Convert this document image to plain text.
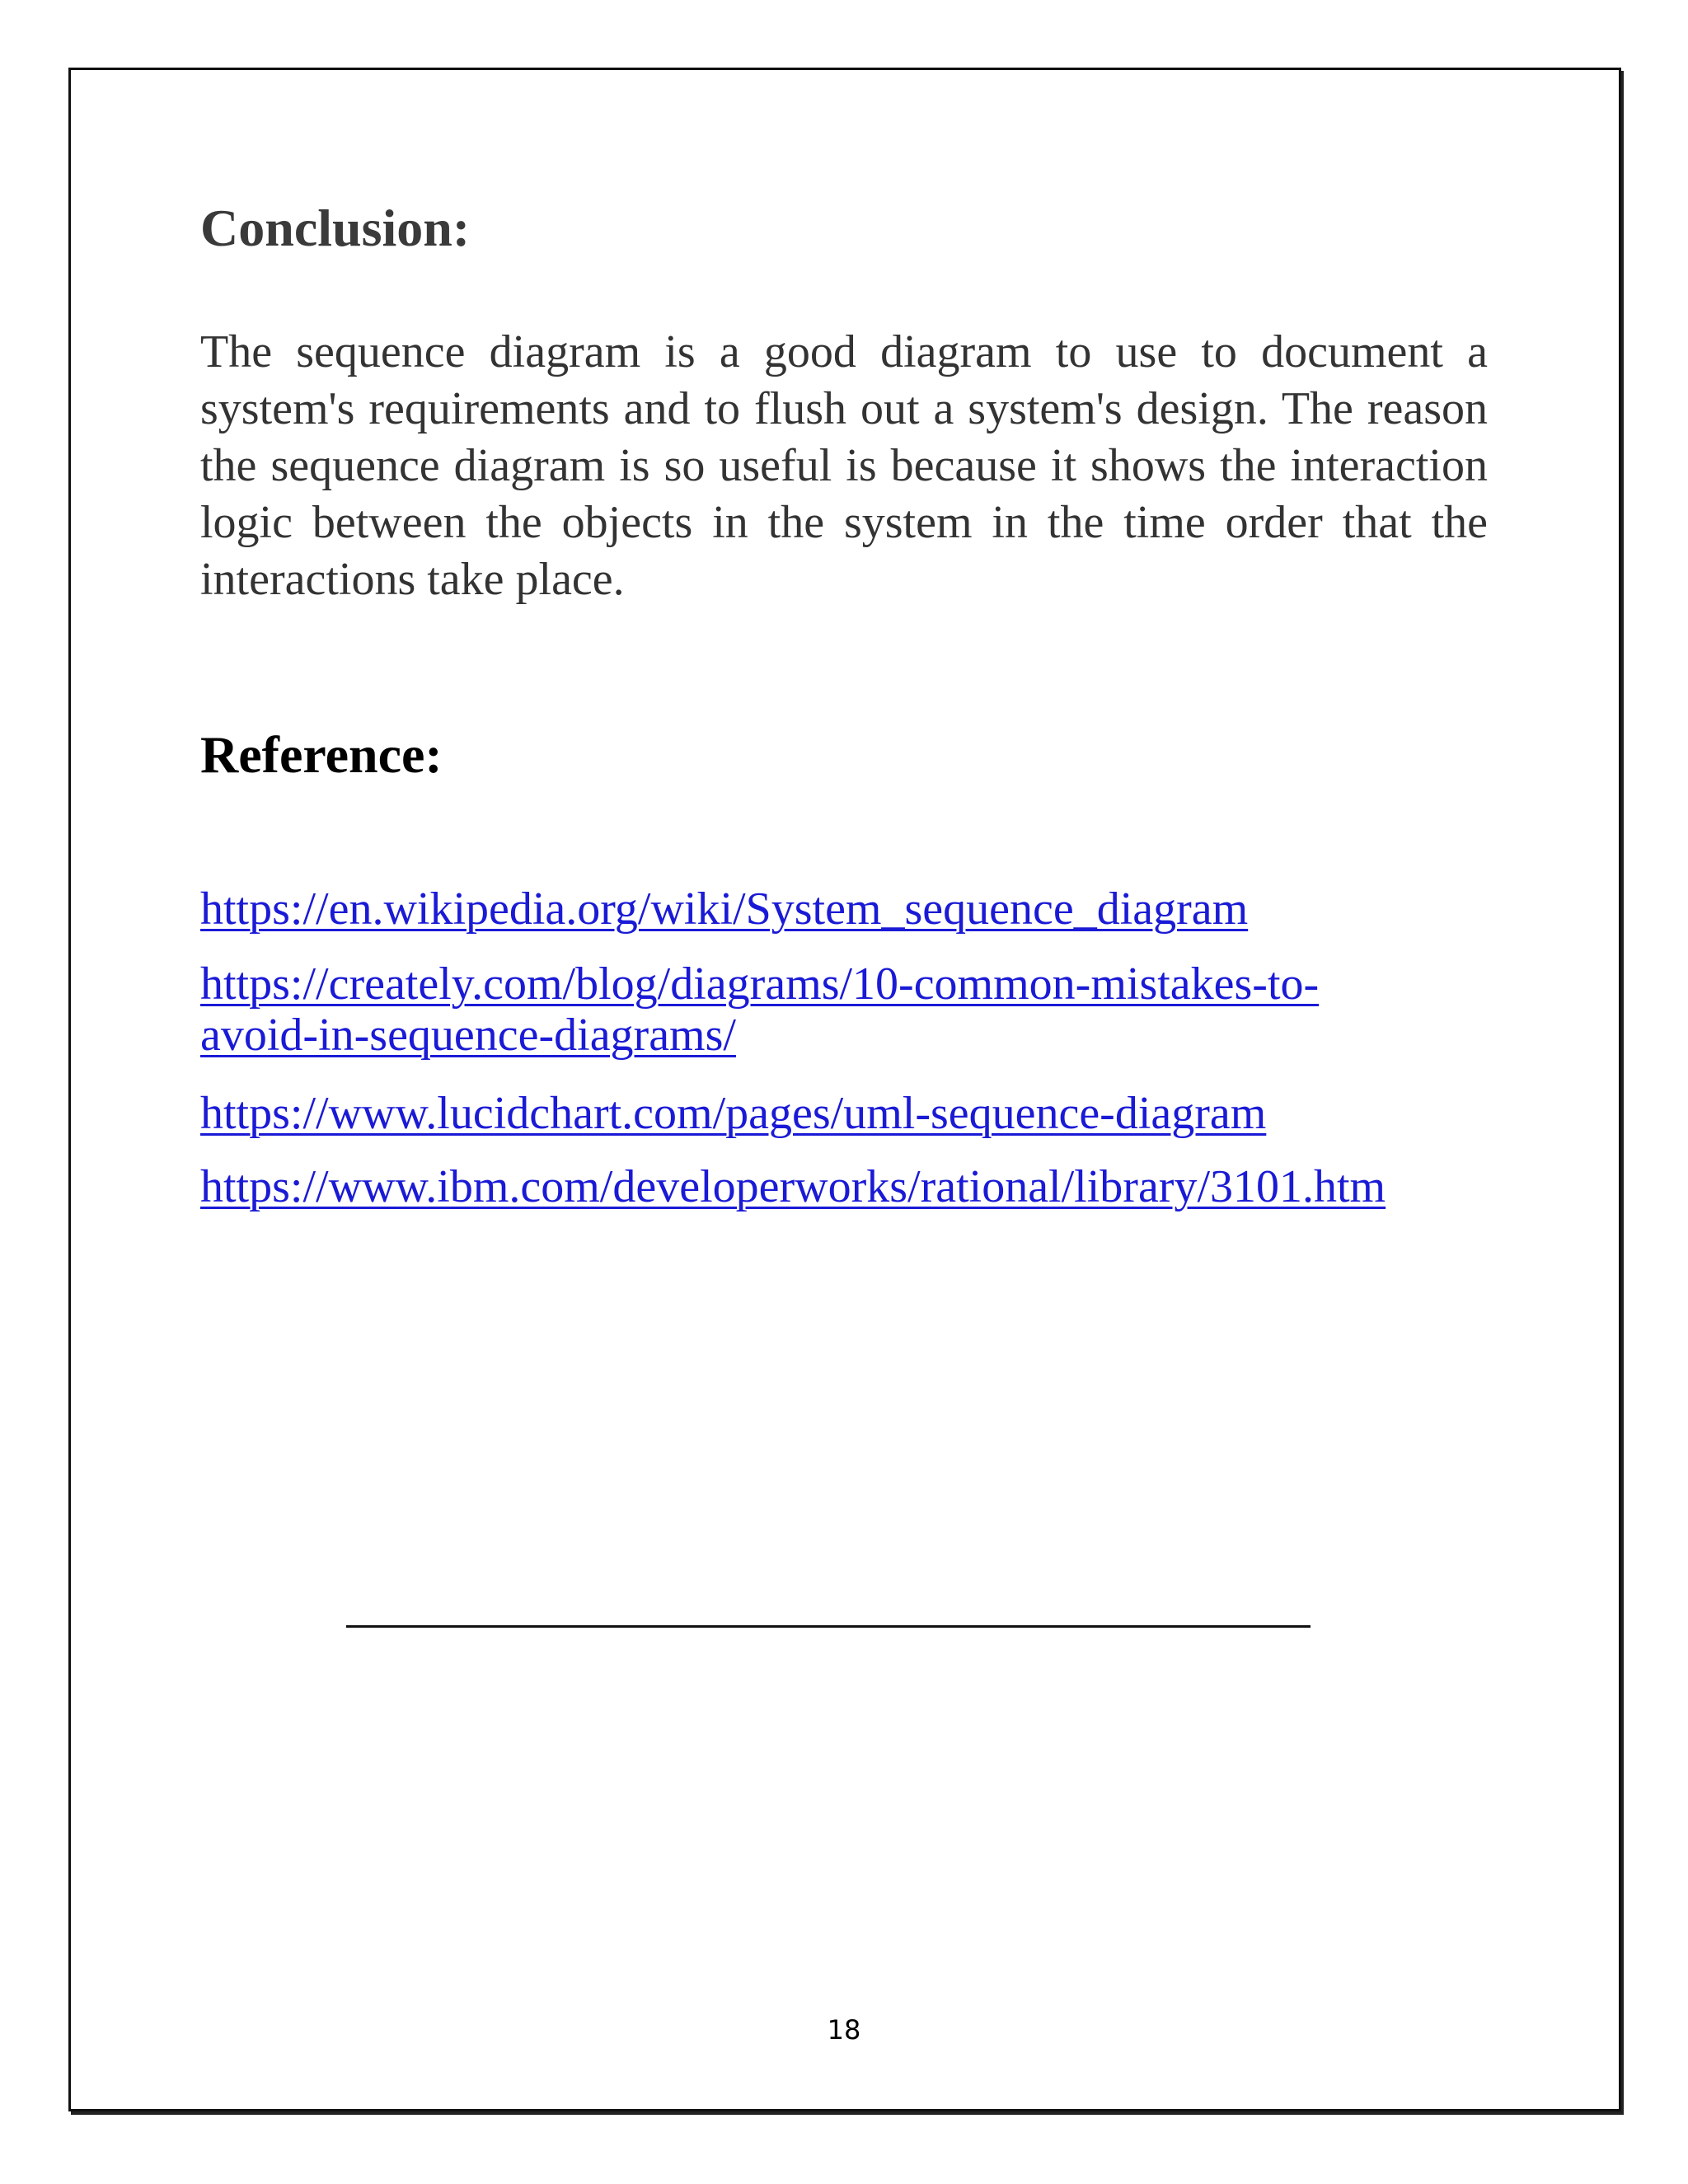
Conclusion:

The sequence diagram is a good diagram to use to document a system's requirements and to flush out a system's design. The reason the sequence diagram is so useful is because it shows the interaction logic between the objects in the system in the time order that the interactions take place.

Reference:
https://en.wikipedia.org/wiki/System_sequence_diagram
https://creately.com/blog/diagrams/10-common-mistakes-to-
avoid-in-sequence-diagrams/
https://www.lucidchart.com/pages/uml-sequence-diagram
https://www.ibm.com/developerworks/rational/library/3101.htm
18
